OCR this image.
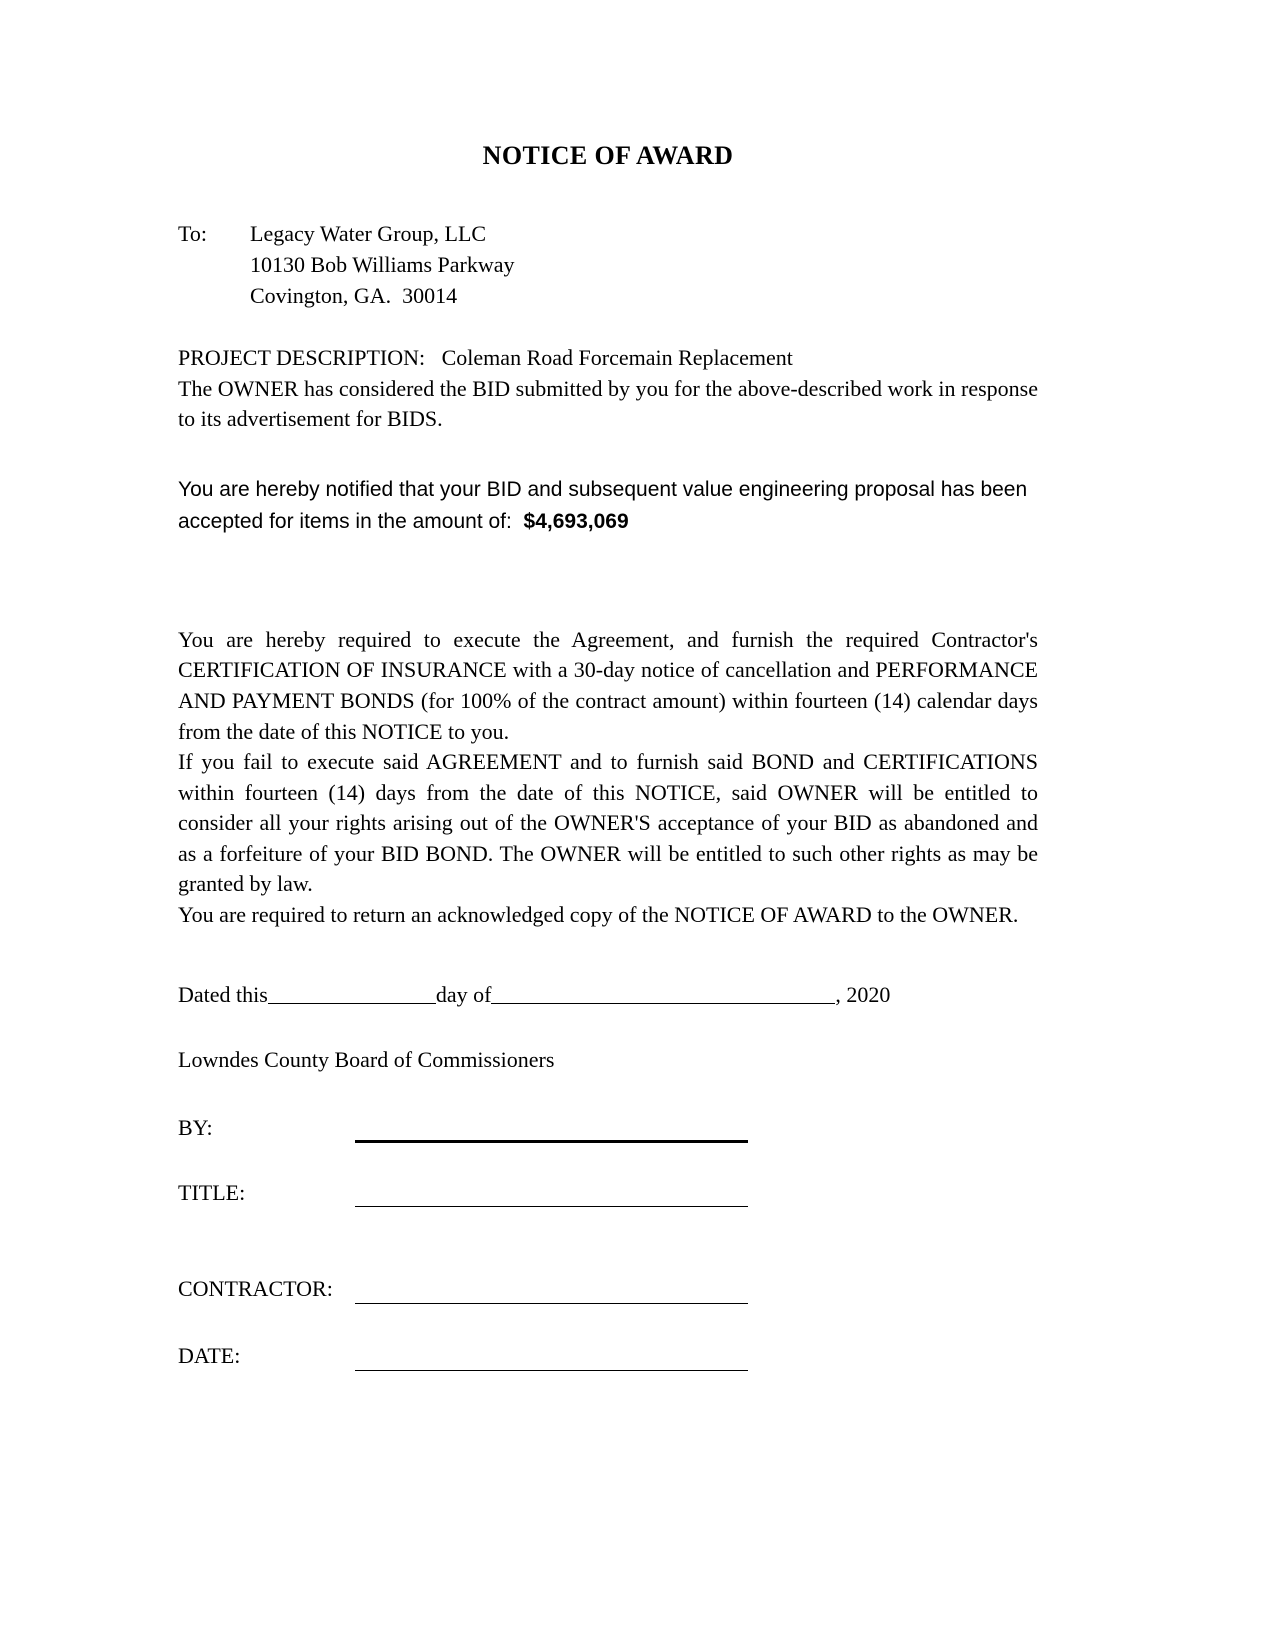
NOTICE OF AWARD
To:	Legacy Water Group, LLC
10130 Bob Williams Parkway
Covington, GA.  30014
PROJECT DESCRIPTION:   Coleman Road Forcemain Replacement

The OWNER has considered the BID submitted by you for the above-described work in response to its advertisement for BIDS.

You are hereby notified that your BID and subsequent value engineering proposal has been accepted for items in the amount of: $4,693,069

You are hereby required to execute the Agreement, and furnish the required Contractor's CERTIFICATION OF INSURANCE with a 30-day notice of cancellation and PERFORMANCE AND PAYMENT BONDS (for 100% of the contract amount) within fourteen (14) calendar days from the date of this NOTICE to you.

If you fail to execute said AGREEMENT and to furnish said BOND and CERTIFICATIONS within fourteen (14) days from the date of this NOTICE, said OWNER will be entitled to consider all your rights arising out of the OWNER'S acceptance of your BID as abandoned and as a forfeiture of your BID BOND. The OWNER will be entitled to such other rights as may be granted by law.

You are required to return an acknowledged copy of the NOTICE OF AWARD to the OWNER.

Dated this	day of	, 2020
Lowndes County Board of Commissioners
BY:
TITLE:
CONTRACTOR:
DATE:
